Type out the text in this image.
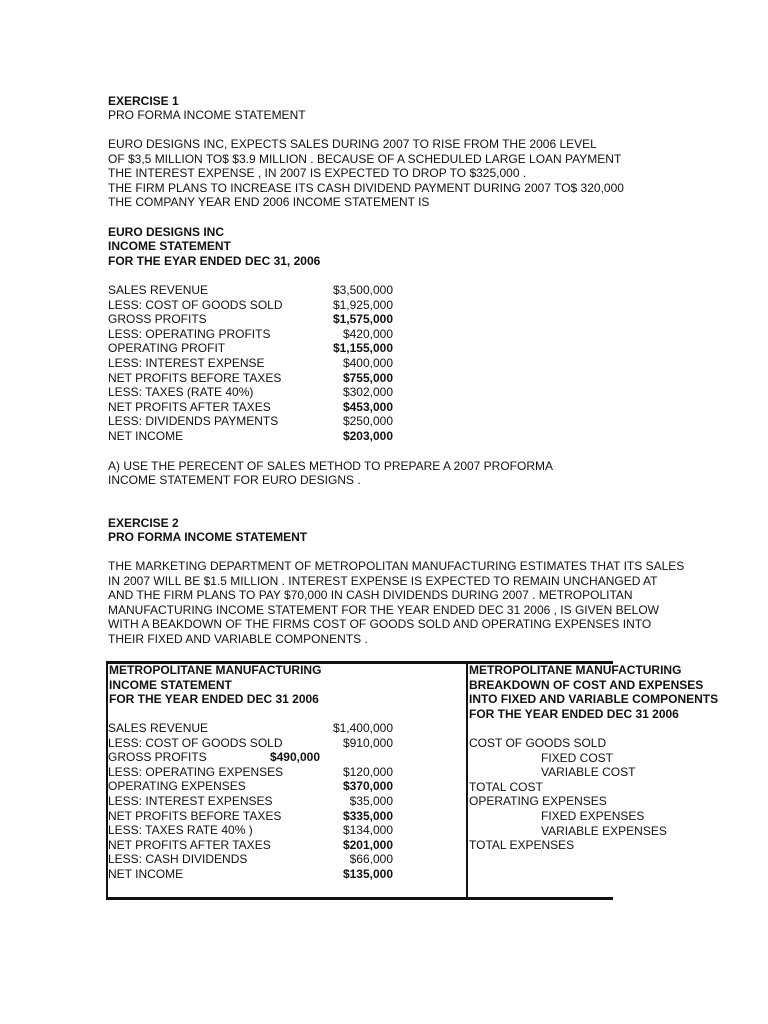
EXERCISE 1
PRO FORMA INCOME STATEMENT
EURO DESIGNS INC, EXPECTS SALES DURING 2007 TO RISE FROM THE 2006 LEVEL
OF $3,5 MILLION TO$ $3.9 MILLION . BECAUSE OF A SCHEDULED LARGE LOAN PAYMENT
THE INTEREST EXPENSE , IN 2007 IS EXPECTED TO DROP TO $325,000 .
THE FIRM PLANS TO INCREASE ITS CASH DIVIDEND PAYMENT DURING 2007 TO$ 320,000
THE COMPANY YEAR END 2006 INCOME STATEMENT IS
EURO DESIGNS INC
INCOME STATEMENT
FOR THE EYAR ENDED DEC 31, 2006
SALES REVENUE	$3,500,000
LESS: COST OF GOODS SOLD	$1,925,000
GROSS PROFITS	$1,575,000
LESS: OPERATING PROFITS	$420,000
OPERATING PROFIT	$1,155,000
LESS: INTEREST EXPENSE	$400,000
NET PROFITS BEFORE TAXES	$755,000
LESS: TAXES (RATE 40%)	$302,000
NET PROFITS AFTER TAXES	$453,000
LESS: DIVIDENDS PAYMENTS	$250,000
NET INCOME	$203,000
A) USE THE PERECENT OF SALES METHOD TO PREPARE A 2007 PROFORMA
INCOME STATEMENT FOR EURO DESIGNS .
EXERCISE 2
PRO FORMA INCOME STATEMENT
THE MARKETING DEPARTMENT OF METROPOLITAN MANUFACTURING ESTIMATES THAT ITS SALES
IN 2007 WILL BE $1.5 MILLION . INTEREST EXPENSE IS EXPECTED TO REMAIN UNCHANGED AT
AND THE FIRM PLANS TO PAY $70,000 IN CASH DIVIDENDS DURING 2007 . METROPOLITAN
MANUFACTURING INCOME STATEMENT FOR THE YEAR ENDED DEC 31 2006 , IS GIVEN BELOW
WITH A BEAKDOWN OF THE FIRMS COST OF GOODS SOLD AND OPERATING EXPENSES INTO
THEIR FIXED AND VARIABLE COMPONENTS .
METROPOLITANE MANUFACTURING
INCOME STATEMENT
FOR THE YEAR ENDED DEC 31 2006
SALES REVENUE	$1,400,000
LESS: COST OF GOODS SOLD	$910,000
GROSS PROFITS	$490,000
LESS: OPERATING EXPENSES	$120,000
OPERATING EXPENSES	$370,000
LESS: INTEREST EXPENSES	$35,000
NET PROFITS BEFORE TAXES	$335,000
LESS: TAXES RATE 40% )	$134,000
NET PROFITS AFTER TAXES	$201,000
LESS: CASH DIVIDENDS	$66,000
NET INCOME	$135,000
METROPOLITANE MANUFACTURING
BREAKDOWN OF COST AND EXPENSES
INTO FIXED AND VARIABLE COMPONENTS
FOR THE YEAR ENDED DEC 31 2006
COST OF GOODS SOLD
FIXED COST
VARIABLE COST
TOTAL COST
OPERATING EXPENSES
FIXED EXPENSES
VARIABLE EXPENSES
TOTAL EXPENSES
